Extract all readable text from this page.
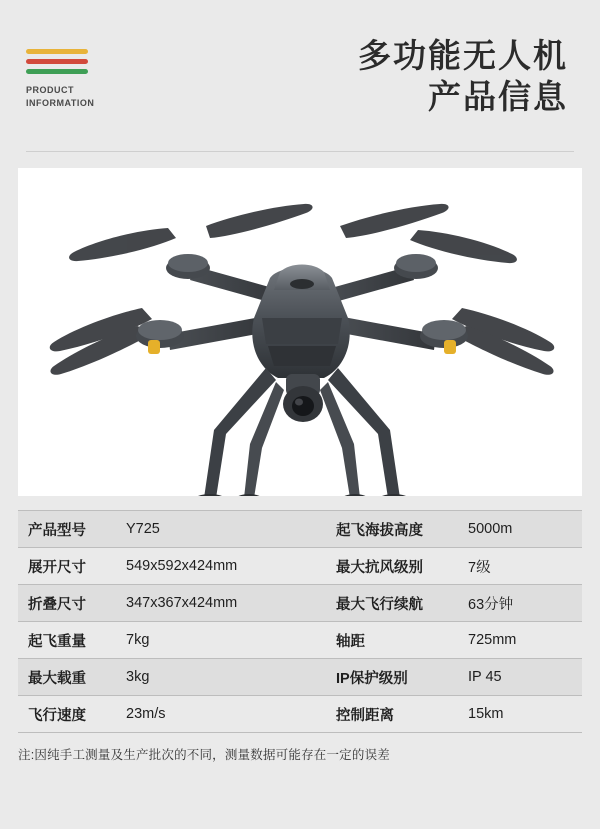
PRODUCT
INFORMATION
多功能无人机
产品信息
产品型号	Y725	起飞海拔高度	5000m
展开尺寸	549x592x424mm	最大抗风级别	7级
折叠尺寸	347x367x424mm	最大飞行续航	63分钟
起飞重量	7kg	轴距	725mm
最大载重	3kg	IP保护级别	IP 45
飞行速度	23m/s	控制距离	15km
注:因纯手工测量及生产批次的不同，测量数据可能存在一定的误差
